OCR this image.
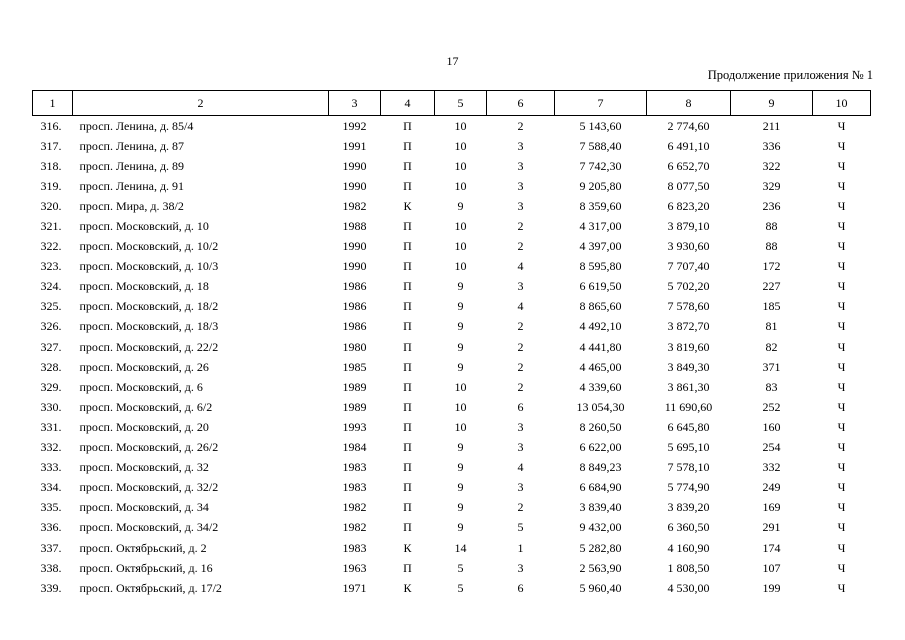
17
Продолжение приложения № 1
1	2	3	4	5	6	7	8	9	10
316.	просп. Ленина, д. 85/4	1992	П	10	2	5 143,60	2 774,60	211	Ч
317.	просп. Ленина, д. 87	1991	П	10	3	7 588,40	6 491,10	336	Ч
318.	просп. Ленина, д. 89	1990	П	10	3	7 742,30	6 652,70	322	Ч
319.	просп. Ленина, д. 91	1990	П	10	3	9 205,80	8 077,50	329	Ч
320.	просп. Мира, д. 38/2	1982	К	9	3	8 359,60	6 823,20	236	Ч
321.	просп. Московский, д. 10	1988	П	10	2	4 317,00	3 879,10	88	Ч
322.	просп. Московский, д. 10/2	1990	П	10	2	4 397,00	3 930,60	88	Ч
323.	просп. Московский, д. 10/3	1990	П	10	4	8 595,80	7 707,40	172	Ч
324.	просп. Московский, д. 18	1986	П	9	3	6 619,50	5 702,20	227	Ч
325.	просп. Московский, д. 18/2	1986	П	9	4	8 865,60	7 578,60	185	Ч
326.	просп. Московский, д. 18/3	1986	П	9	2	4 492,10	3 872,70	81	Ч
327.	просп. Московский, д. 22/2	1980	П	9	2	4 441,80	3 819,60	82	Ч
328.	просп. Московский, д. 26	1985	П	9	2	4 465,00	3 849,30	371	Ч
329.	просп. Московский, д. 6	1989	П	10	2	4 339,60	3 861,30	83	Ч
330.	просп. Московский, д. 6/2	1989	П	10	6	13 054,30	11 690,60	252	Ч
331.	просп. Московский, д. 20	1993	П	10	3	8 260,50	6 645,80	160	Ч
332.	просп. Московский, д. 26/2	1984	П	9	3	6 622,00	5 695,10	254	Ч
333.	просп. Московский, д. 32	1983	П	9	4	8 849,23	7 578,10	332	Ч
334.	просп. Московский, д. 32/2	1983	П	9	3	6 684,90	5 774,90	249	Ч
335.	просп. Московский, д. 34	1982	П	9	2	3 839,40	3 839,20	169	Ч
336.	просп. Московский, д. 34/2	1982	П	9	5	9 432,00	6 360,50	291	Ч
337.	просп. Октябрьский, д. 2	1983	К	14	1	5 282,80	4 160,90	174	Ч
338.	просп. Октябрьский, д. 16	1963	П	5	3	2 563,90	1 808,50	107	Ч
339.	просп. Октябрьский, д. 17/2	1971	К	5	6	5 960,40	4 530,00	199	Ч
